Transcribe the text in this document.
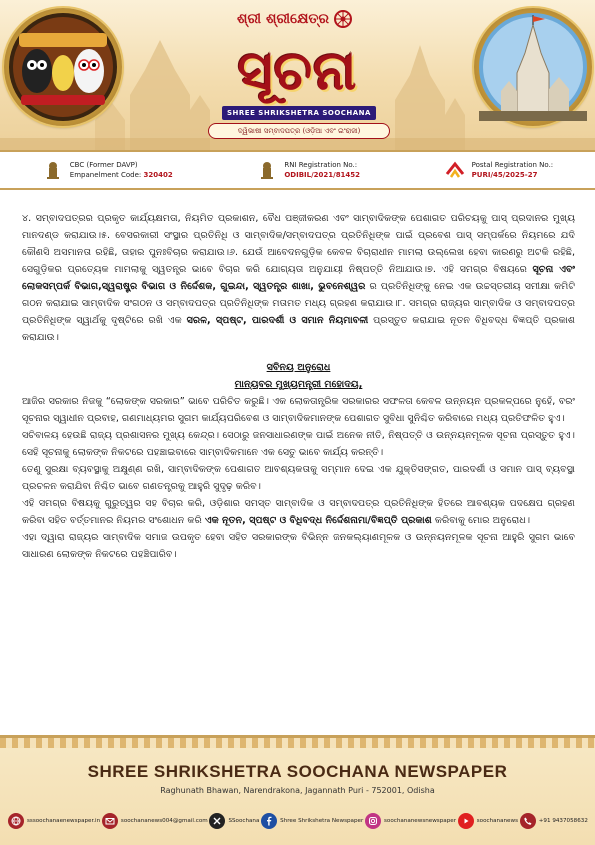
ଶ୍ରୀ ଶ୍ରୀକ୍ଷେତ୍ର
ସୂଚନା
SHREE SHRIKSHETRA SOOCHANA
ଦ୍ୱିଭାଷୀ ସମ୍ବାଦପତ୍ର (ଓଡ଼ିଆ ଏବଂ ଇଂରାଜୀ)
CBC (Former DAVP)
Empanelment Code: 320402
RNI Registration No.:
ODIBIL/2021/81452
Postal Registration No.:
PURI/45/2025-27

୪. ସମ୍ବାଦପତ୍ରର ପ୍ରକୃତ କାର୍ଯ୍ୟକ୍ଷମତା, ନିୟମିତ ପ୍ରକାଶନ, ବୈଧ ପଞ୍ଜୀକରଣ ଏବଂ ସାମ୍ବାଦିକଙ୍କ ପେଶାଗତ ପରିଚୟକୁ ପାସ୍ ପ୍ରଦାନର ମୁଖ୍ୟ ମାନଦଣ୍ଡ କରାଯାଉ।୫. ବେସରକାରୀ ସଂସ୍ଥାର ପ୍ରତିନିଧି ଓ ସାମ୍ବାଦିକ/ସମ୍ବାଦପତ୍ର ପ୍ରତିନିଧିଙ୍କ ପାଇଁ ପ୍ରବେଶ ପାସ୍ ସମ୍ପର୍କରେ ନିୟମରେ ଯଦି କୌଣସି ଅସମାନତା ରହିଛି, ତାହାର ପୁନଃବିଚାର କରାଯାଉ।୬. ଯେଉଁ ଆବେଦନଗୁଡ଼ିକ କେବଳ ବିଚାରାଧୀନ ମାମଲା ଉଲ୍ଲେଖ ହେବା କାରଣରୁ ଅଟକି ରହିଛି, ସେଗୁଡ଼ିକର ପ୍ରତ୍ୟେକ ମାମଲାକୁ ସ୍ୱତନ୍ତ୍ର ଭାବେ ବିଚାର କରି ଯୋଗ୍ୟତା ଅନୁଯାୟୀ ନିଷ୍ପତ୍ତି ନିଆଯାଉ।୭. ଏହି ସମଗ୍ର ବିଷୟରେ ସୂଚନା ଏବଂ ଲୋକସମ୍ପର୍କ ବିଭାଗ,ସ୍ୱରାଷ୍ଟ୍ର ବିଭାଗ ଓ ନିର୍ଦ୍ଦେଶକ, ଗୁଇନ୍ଦା, ସ୍ୱତନ୍ତ୍ର ଶାଖା, ଭୁବନେଶ୍ୱର ର ପ୍ରତିନିଧିଙ୍କୁ ନେଇ ଏକ ଉଚ୍ଚସ୍ତରୀୟ ସମୀକ୍ଷା କମିଟି ଗଠନ କରାଯାଇ ସାମ୍ବାଦିକ ସଂଗଠନ ଓ ସମ୍ବାଦପତ୍ର ପ୍ରତିନିଧିଙ୍କ ମତାମତ ମଧ୍ୟ ଗ୍ରହଣ କରାଯାଉ।୮. ସମଗ୍ର ରାଜ୍ୟର ସାମ୍ବାଦିକ ଓ ସମ୍ବାଦପତ୍ର ପ୍ରତିନିଧିଙ୍କ ସ୍ୱାର୍ଥକୁ ଦୃଷ୍ଟିରେ ରଖି ଏକ ସରଳ, ସ୍ପଷ୍ଟ, ପାରଦର୍ଶୀ ଓ ସମାନ ନିୟମାବଳୀ ପ୍ରସ୍ତୁତ କରାଯାଇ ନୂତନ ବିଧିବଦ୍ଧ ବିଜ୍ଞପ୍ତି ପ୍ରକାଶ କରାଯାଉ।

ସବିନୟ ଅନୁରୋଧ

ମାନ୍ୟବର ମୁଖ୍ୟମନ୍ତ୍ରୀ ମହୋଦୟ,

ଆଜିର ସରକାର ନିଜକୁ “ଲୋକଙ୍କ ସରକାର” ଭାବେ ପରିଚିତ କରୁଛି। ଏକ ଲୋକତାନ୍ତ୍ରିକ ସରକାରର ସଫଳତା କେବଳ ଉନ୍ନୟନ ପ୍ରକଳ୍ପରେ ନୁହେଁ, ବରଂ ସୂଚନାର ସ୍ୱାଧୀନ ପ୍ରବାହ, ଗଣମାଧ୍ୟମର ସୁଗମ କାର୍ଯ୍ୟପରିବେଶ ଓ ସାମ୍ବାଦିକମାନଙ୍କ ପେଶାଗତ ସୁବିଧା ସୁନିଶ୍ଚିତ କରିବାରେ ମଧ୍ୟ ପ୍ରତିଫଳିତ ହୁଏ।

ସଚିବାଳୟ ହେଉଛି ରାଜ୍ୟ ପ୍ରଶାସନର ମୁଖ୍ୟ କେନ୍ଦ୍ର। ସେଠାରୁ ଜନସାଧାରଣଙ୍କ ପାଇଁ ଅନେକ ନୀତି, ନିଷ୍ପତ୍ତି ଓ ଉନ୍ନୟନମୂଳକ ସୂଚନା ପ୍ରସ୍ତୁତ ହୁଏ। ସେହି ସୂଚନାକୁ ଲୋକଙ୍କ ନିକଟରେ ପହଞ୍ଚାଇବାରେ ସାମ୍ବାଦିକମାନେ ଏକ ସେତୁ ଭାବେ କାର୍ଯ୍ୟ କରନ୍ତି।

ତେଣୁ ସୁରକ୍ଷା ବ୍ୟବସ୍ଥାକୁ ଅକ୍ଷୁଣ୍ଣ ରଖି, ସାମ୍ବାଦିକଙ୍କ ପେଶାଗତ ଆବଶ୍ୟକତାକୁ ସମ୍ମାନ ଦେଇ ଏକ ଯୁକ୍ତିସଙ୍ଗତ, ପାରଦର୍ଶୀ ଓ ସମାନ ପାସ୍ ବ୍ୟବସ୍ଥା ପ୍ରଚଳନ କରାଯିବା ନିଶ୍ଚିତ ଭାବେ ଗଣତନ୍ତ୍ରକୁ ଆହୁରି ସୁଦୃଢ଼ କରିବ।

ଏହି ସମଗ୍ର ବିଷୟକୁ ଗୁରୁତ୍ୱର ସହ ବିଚାର କରି, ଓଡ଼ିଶାର ସମସ୍ତ ସାମ୍ବାଦିକ ଓ ସମ୍ବାଦପତ୍ର ପ୍ରତିନିଧିଙ୍କ ହିତରେ ଆବଶ୍ୟକ ପଦକ୍ଷେପ ଗ୍ରହଣ କରିବା ସହିତ ବର୍ତ୍ତମାନର ନିୟମର ସଂଶୋଧନ କରି ଏକ ନୂତନ, ସ୍ପଷ୍ଟ ଓ ବିଧିବଦ୍ଧ ନିର୍ଦ୍ଦେଶନାମା/ବିଜ୍ଞପ୍ତି ପ୍ରକାଶ କରିବାକୁ ମୋର ଅନୁରୋଧ।

ଏହା ଦ୍ୱାରା ରାଜ୍ୟର ସାମ୍ବାଦିକ ସମାଜ ଉପକୃତ ହେବା ସହିତ ସରକାରଙ୍କ ବିଭିନ୍ନ ଜନକଲ୍ୟାଣମୂଳକ ଓ ଉନ୍ନୟନମୂଳକ ସୂଚନା ଆହୁରି ସୁଗମ ଭାବେ ସାଧାରଣ ଲୋକଙ୍କ ନିକଟରେ ପହଞ୍ଚିପାରିବ।

SHREE SHRIKSHETRA SOOCHANA NEWSPAPER
Raghunath Bhawan, Narendrakona, Jagannath Puri - 752001, Odisha
sssoochanaenewspaper.in	soochananews004@gmail.com	SSoochana	Shree Shrikshetra Newspaper	soochananewsnewspaper	soochananews	+91 9437058632
